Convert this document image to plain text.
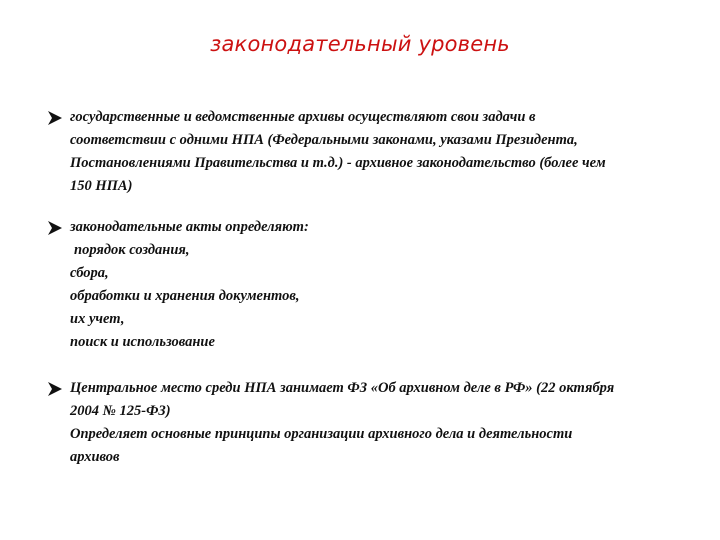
законодательный уровень
государственные и ведомственные архивы осуществляют свои задачи в
соответствии с одними НПА (Федеральными законами, указами Президента,
Постановлениями Правительства и т.д.) - архивное законодательство (более чем
150 НПА)
законодательные акты определяют:
порядок создания,
сбора,
обработки и хранения документов,
их учет,
поиск и использование
Центральное место среди НПА занимает ФЗ «Об архивном деле в РФ» (22 октября
2004 № 125-ФЗ)
Определяет основные принципы организации архивного дела и деятельности
архивов
